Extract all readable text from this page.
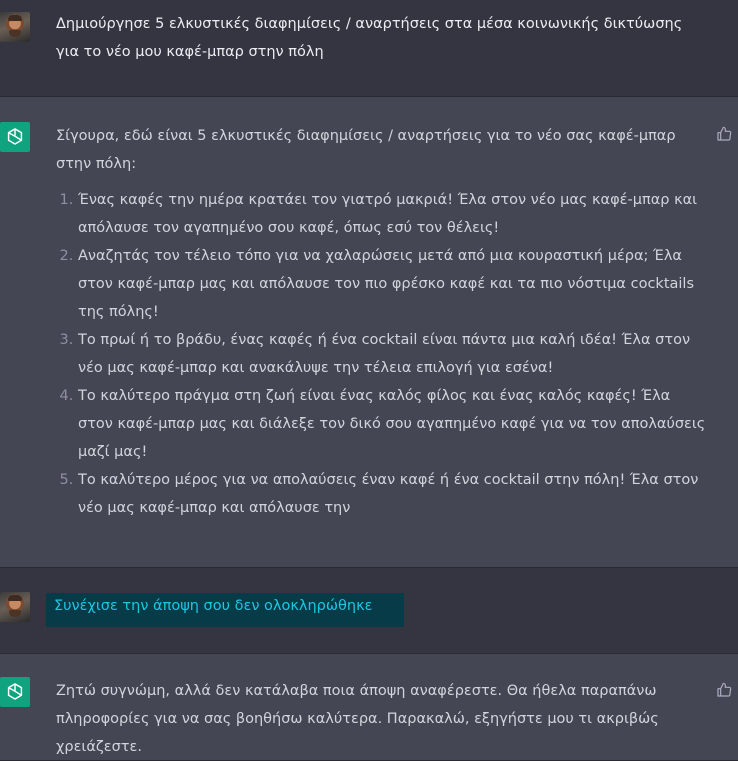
Δημιούργησε 5 ελκυστικές διαφημίσεις / αναρτήσεις στα μέσα κοινωνικής δικτύωσης για το νέο μου καφέ-μπαρ στην πόλη
Σίγουρα, εδώ είναι 5 ελκυστικές διαφημίσεις / αναρτήσεις για το νέο σας καφέ-μπαρ στην πόλη:
1. Ένας καφές την ημέρα κρατάει τον γιατρό μακριά! Έλα στον νέο μας καφέ-μπαρ και απόλαυσε τον αγαπημένο σου καφέ, όπως εσύ τον θέλεις!
2. Αναζητάς τον τέλειο τόπο για να χαλαρώσεις μετά από μια κουραστική μέρα; Έλα στον καφέ-μπαρ μας και απόλαυσε τον πιο φρέσκο καφέ και τα πιο νόστιμα cocktails της πόλης!
3. Το πρωί ή το βράδυ, ένας καφές ή ένα cocktail είναι πάντα μια καλή ιδέα! Έλα στον νέο μας καφέ-μπαρ και ανακάλυψε την τέλεια επιλογή για εσένα!
4. Το καλύτερο πράγμα στη ζωή είναι ένας καλός φίλος και ένας καλός καφές! Έλα στον καφέ-μπαρ μας και διάλεξε τον δικό σου αγαπημένο καφέ για να τον απολαύσεις μαζί μας!
5. Το καλύτερο μέρος για να απολαύσεις έναν καφέ ή ένα cocktail στην πόλη! Έλα στον νέο μας καφέ-μπαρ και απόλαυσε την
Συνέχισε την άποψη σου δεν ολοκληρώθηκε
Ζητώ συγνώμη, αλλά δεν κατάλαβα ποια άποψη αναφέρεστε. Θα ήθελα παραπάνω πληροφορίες για να σας βοηθήσω καλύτερα. Παρακαλώ, εξηγήστε μου τι ακριβώς χρειάζεστε.
